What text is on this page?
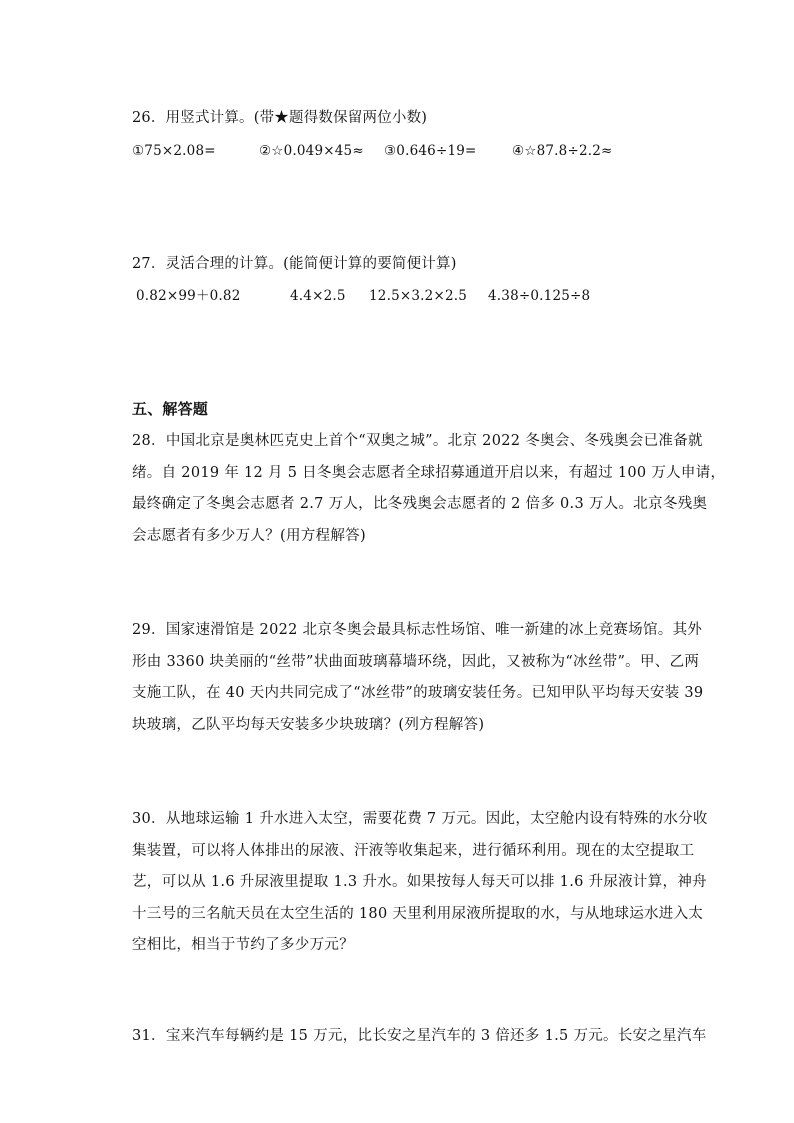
26．用竖式计算。(带★题得数保留两位小数)
①75×2.08=	②☆0.049×45≈ ③0.646÷19=	④☆87.8÷2.2≈
27．灵活合理的计算。(能简便计算的要简便计算)
0.82×99＋0.82	4.4×2.5 12.5×3.2×2.5 4.38÷0.125÷8
五、解答题
28．中国北京是奥林匹克史上首个“双奥之城”。北京 2022 冬奥会、冬残奥会已准备就
绪。自 2019 年 12 月 5 日冬奥会志愿者全球招募通道开启以来，有超过 100 万人申请，
最终确定了冬奥会志愿者 2.7 万人，比冬残奥会志愿者的 2 倍多 0.3 万人。北京冬残奥
会志愿者有多少万人？(用方程解答)
29．国家速滑馆是 2022 北京冬奥会最具标志性场馆、唯一新建的冰上竞赛场馆。其外
形由 3360 块美丽的“丝带”状曲面玻璃幕墙环绕，因此，又被称为“冰丝带”。甲、乙两
支施工队，在 40 天内共同完成了“冰丝带”的玻璃安装任务。已知甲队平均每天安装 39
块玻璃，乙队平均每天安装多少块玻璃？(列方程解答)
30．从地球运输 1 升水进入太空，需要花费 7 万元。因此，太空舱内设有特殊的水分收
集装置，可以将人体排出的尿液、汗液等收集起来，进行循环利用。现在的太空提取工
艺，可以从 1.6 升尿液里提取 1.3 升水。如果按每人每天可以排 1.6 升尿液计算，神舟
十三号的三名航天员在太空生活的 180 天里利用尿液所提取的水，与从地球运水进入太
空相比，相当于节约了多少万元？
31．宝来汽车每辆约是 15 万元，比长安之星汽车的 3 倍还多 1.5 万元。长安之星汽车
